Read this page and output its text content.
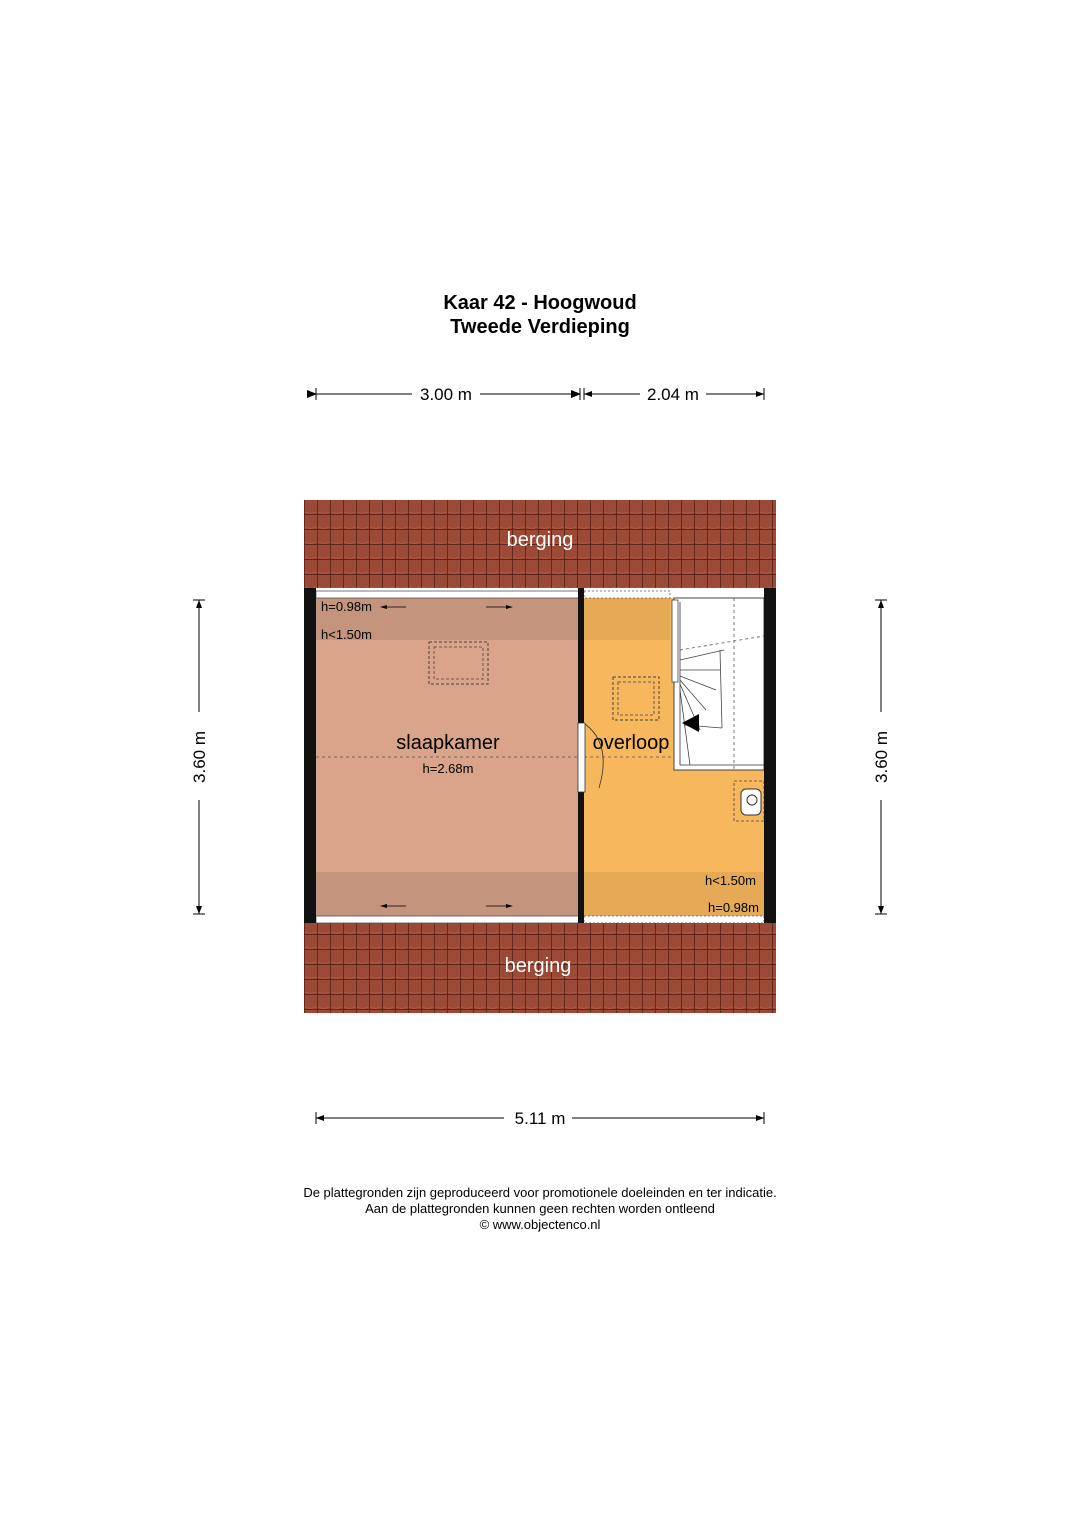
Kaar 42 - Hoogwoud
Tweede Verdieping
3.00 m	2.04 m
3.60 m	3.60 m
berging
berging
slaapkamer
h=2.68m
h=0.98m
h<1.50m
overloop
h<1.50m
h=0.98m
5.11 m
De plattegronden zijn geproduceerd voor promotionele doeleinden en ter indicatie.
Aan de plattegronden kunnen geen rechten worden ontleend
© www.objectenco.nl
